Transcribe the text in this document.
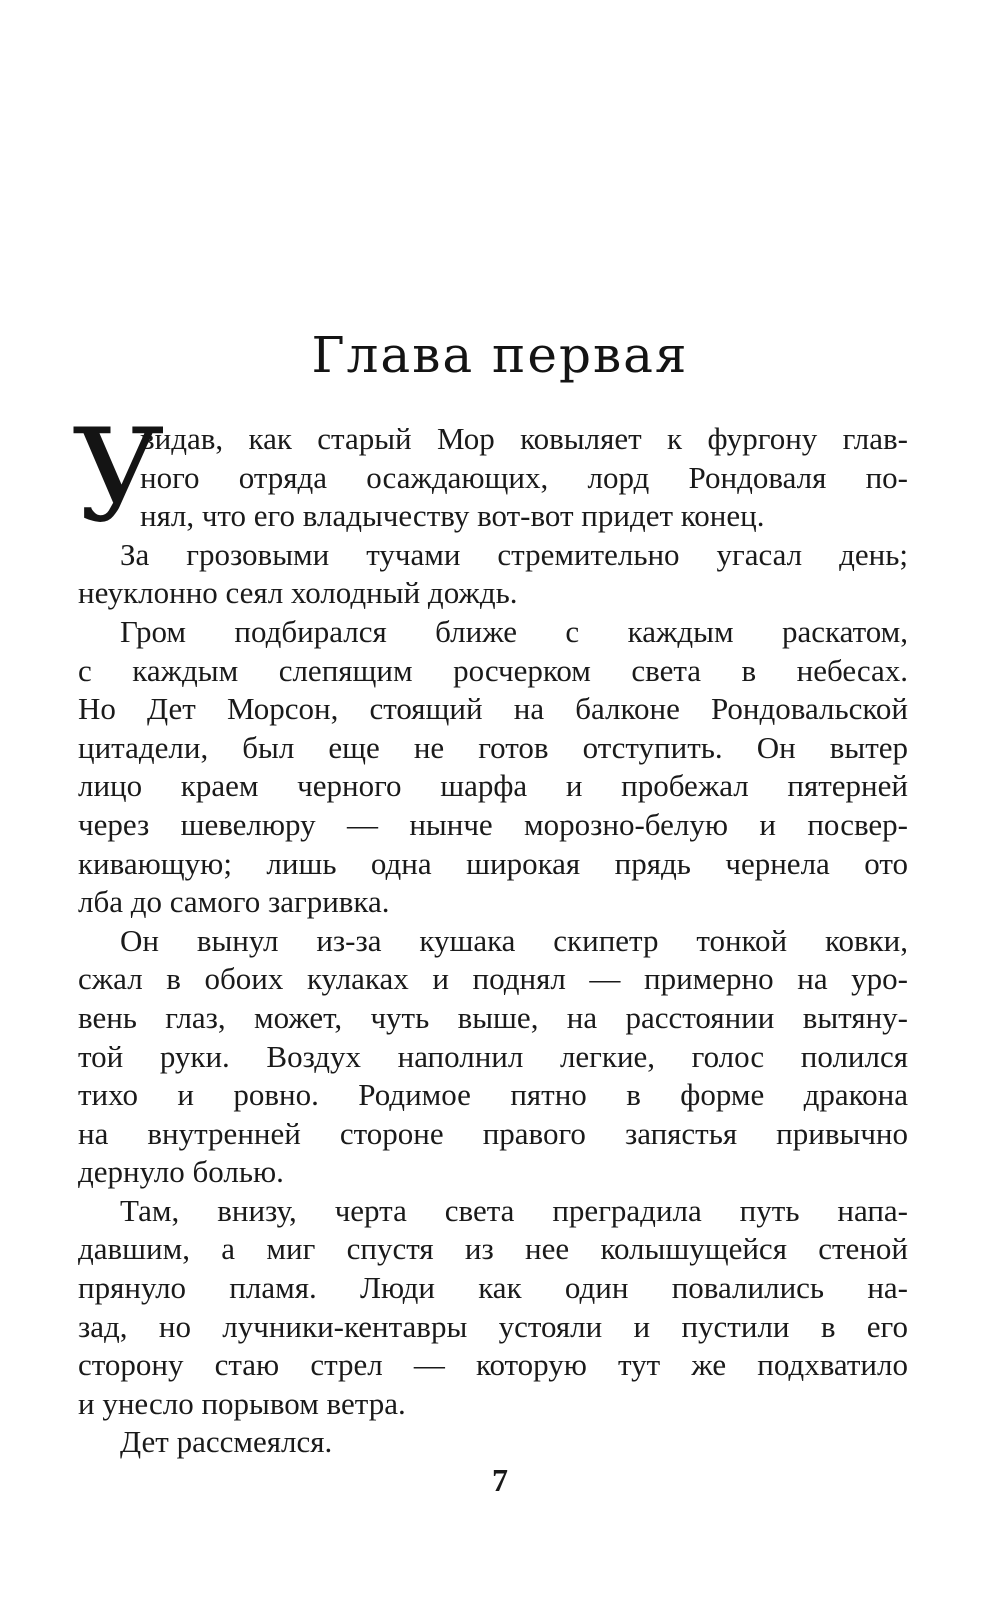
Глава первая
У
видав, как старый Мор ковыляет к фургону глав-
ного отряда осаждающих, лорд Рондоваля по-
нял, что его владычеству вот-вот придет конец.
За грозовыми тучами стремительно угасал день;
неуклонно сеял холодный дождь.
Гром подбирался ближе с каждым раскатом,
с каждым слепящим росчерком света в небесах.
Но Дет Морсон, стоящий на балконе Рондовальской
цитадели, был еще не готов отступить. Он вытер
лицо краем черного шарфа и пробежал пятерней
через шевелюру — нынче морозно-белую и посвер-
кивающую; лишь одна широкая прядь чернела ото
лба до самого загривка.
Он вынул из-за кушака скипетр тонкой ковки,
сжал в обоих кулаках и поднял — примерно на уро-
вень глаз, может, чуть выше, на расстоянии вытяну-
той руки. Воздух наполнил легкие, голос полился
тихо и ровно. Родимое пятно в форме дракона
на внутренней стороне правого запястья привычно
дернуло болью.
Там, внизу, черта света преградила путь напа-
давшим, а миг спустя из нее колышущейся стеной
прянуло пламя. Люди как один повалились на-
зад, но лучники-кентавры устояли и пустили в его
сторону стаю стрел — которую тут же подхватило
и унесло порывом ветра.
Дет рассмеялся.
7
